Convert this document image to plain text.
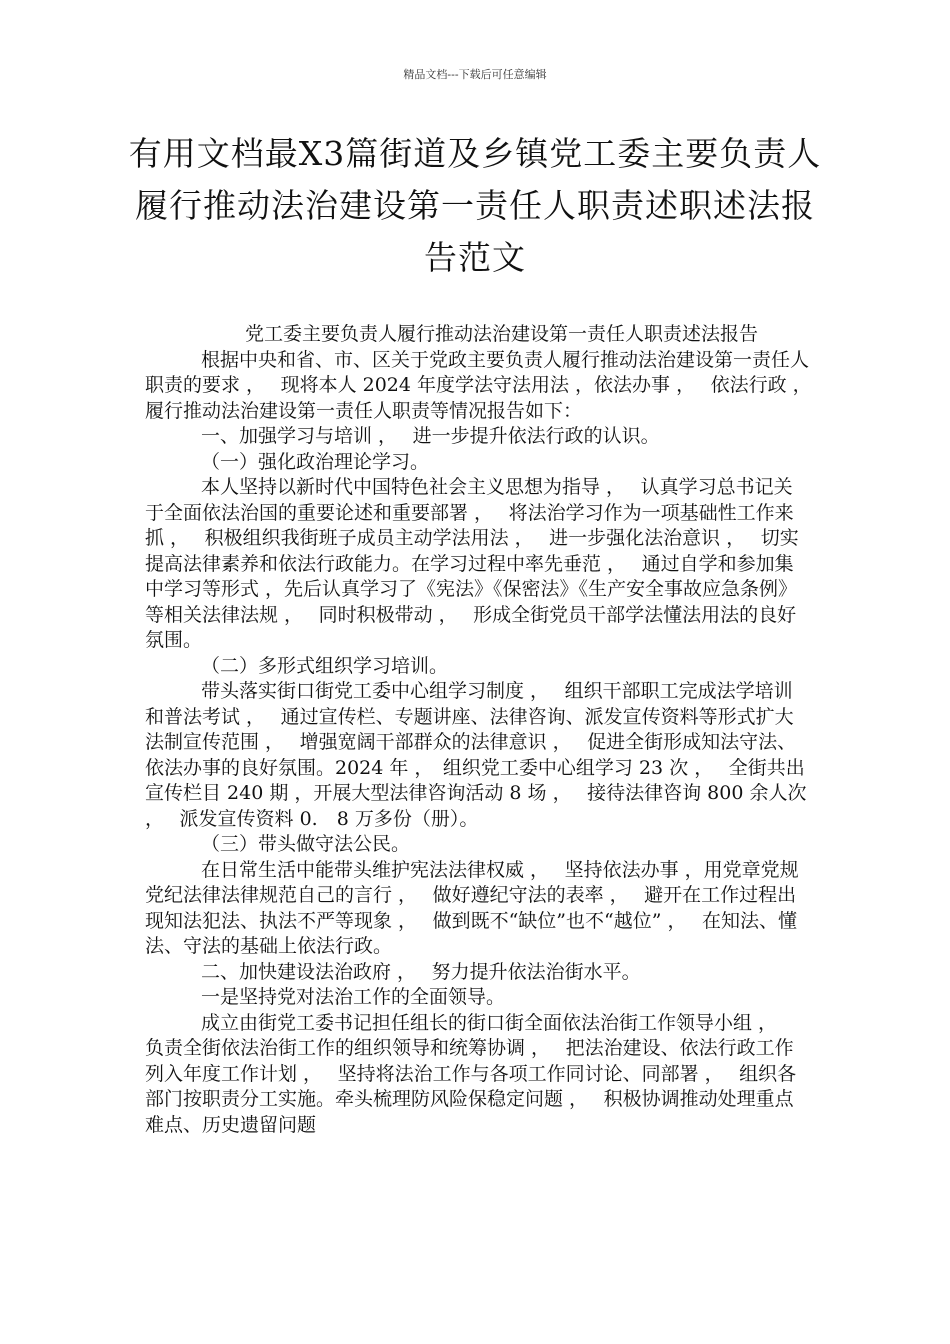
精品文档---下载后可任意编辑
有用文档最X3篇街道及乡镇党工委主要负责人履行推动法治建设第一责任人职责述职述法报告范文

党工委主要负责人履行推动法治建设第一责任人职责述法报告

根据中央和省、市、区关于党政主要负责人履行推动法治建设第一责任人职责的要求 ，　 现将本人 2024 年度学法守法用法 ，依法办事 ，　 依法行政 ，　 履行推动法治建设第一责任人职责等情况报告如下：

一、加强学习与培训 ，　 进一步提升依法行政的认识。

（一）强化政治理论学习。

本人坚持以新时代中国特色社会主义思想为指导 ，　 认真学习总书记关于全面依法治国的重要论述和重要部署 ，　 将法治学习作为一项基础性工作来抓 ，　 积极组织我街班子成员主动学法用法 ，　 进一步强化法治意识 ，　 切实提高法律素养和依法行政能力。在学习过程中率先垂范 ，　 通过自学和参加集中学习等形式 ，先后认真学习了《宪法》《保密法》《生产安全事故应急条例》等相关法律法规 ，　 同时积极带动 ，　 形成全街党员干部学法懂法用法的良好氛围。

（二）多形式组织学习培训。

带头落实街口街党工委中心组学习制度 ，　 组织干部职工完成法学培训和普法考试 ，　 通过宣传栏、专题讲座、法律咨询、派发宣传资料等形式扩大法制宣传范围 ，　 增强宽阔干部群众的法律意识 ，　 促进全街形成知法守法、依法办事的良好氛围。2024 年 ，　组织党工委中心组学习 23 次 ，　 全街共出宣传栏目 240 期 ，开展大型法律咨询活动 8 场 ，　 接待法律咨询 800 余人次 ，　 派发宣传资料 0.　8 万多份（册）。

（三）带头做守法公民。

在日常生活中能带头维护宪法法律权威 ，　 坚持依法办事 ，用党章党规党纪法律法律规范自己的言行 ，　 做好遵纪守法的表率 ，　 避开在工作过程出现知法犯法、执法不严等现象 ，　 做到既不“缺位”也不“越位” ，　 在知法、懂法、守法的基础上依法行政。

二、加快建设法治政府 ，　 努力提升依法治街水平。

一是坚持党对法治工作的全面领导。

成立由街党工委书记担任组长的街口街全面依法治街工作领导小组 ，　 负责全街依法治街工作的组织领导和统筹协调 ，　 把法治建设、依法行政工作列入年度工作计划 ，　 坚持将法治工作与各项工作同讨论、同部署 ，　 组织各部门按职责分工实施。牵头梳理防风险保稳定问题 ，　 积极协调推动处理重点难点、历史遗留问题
